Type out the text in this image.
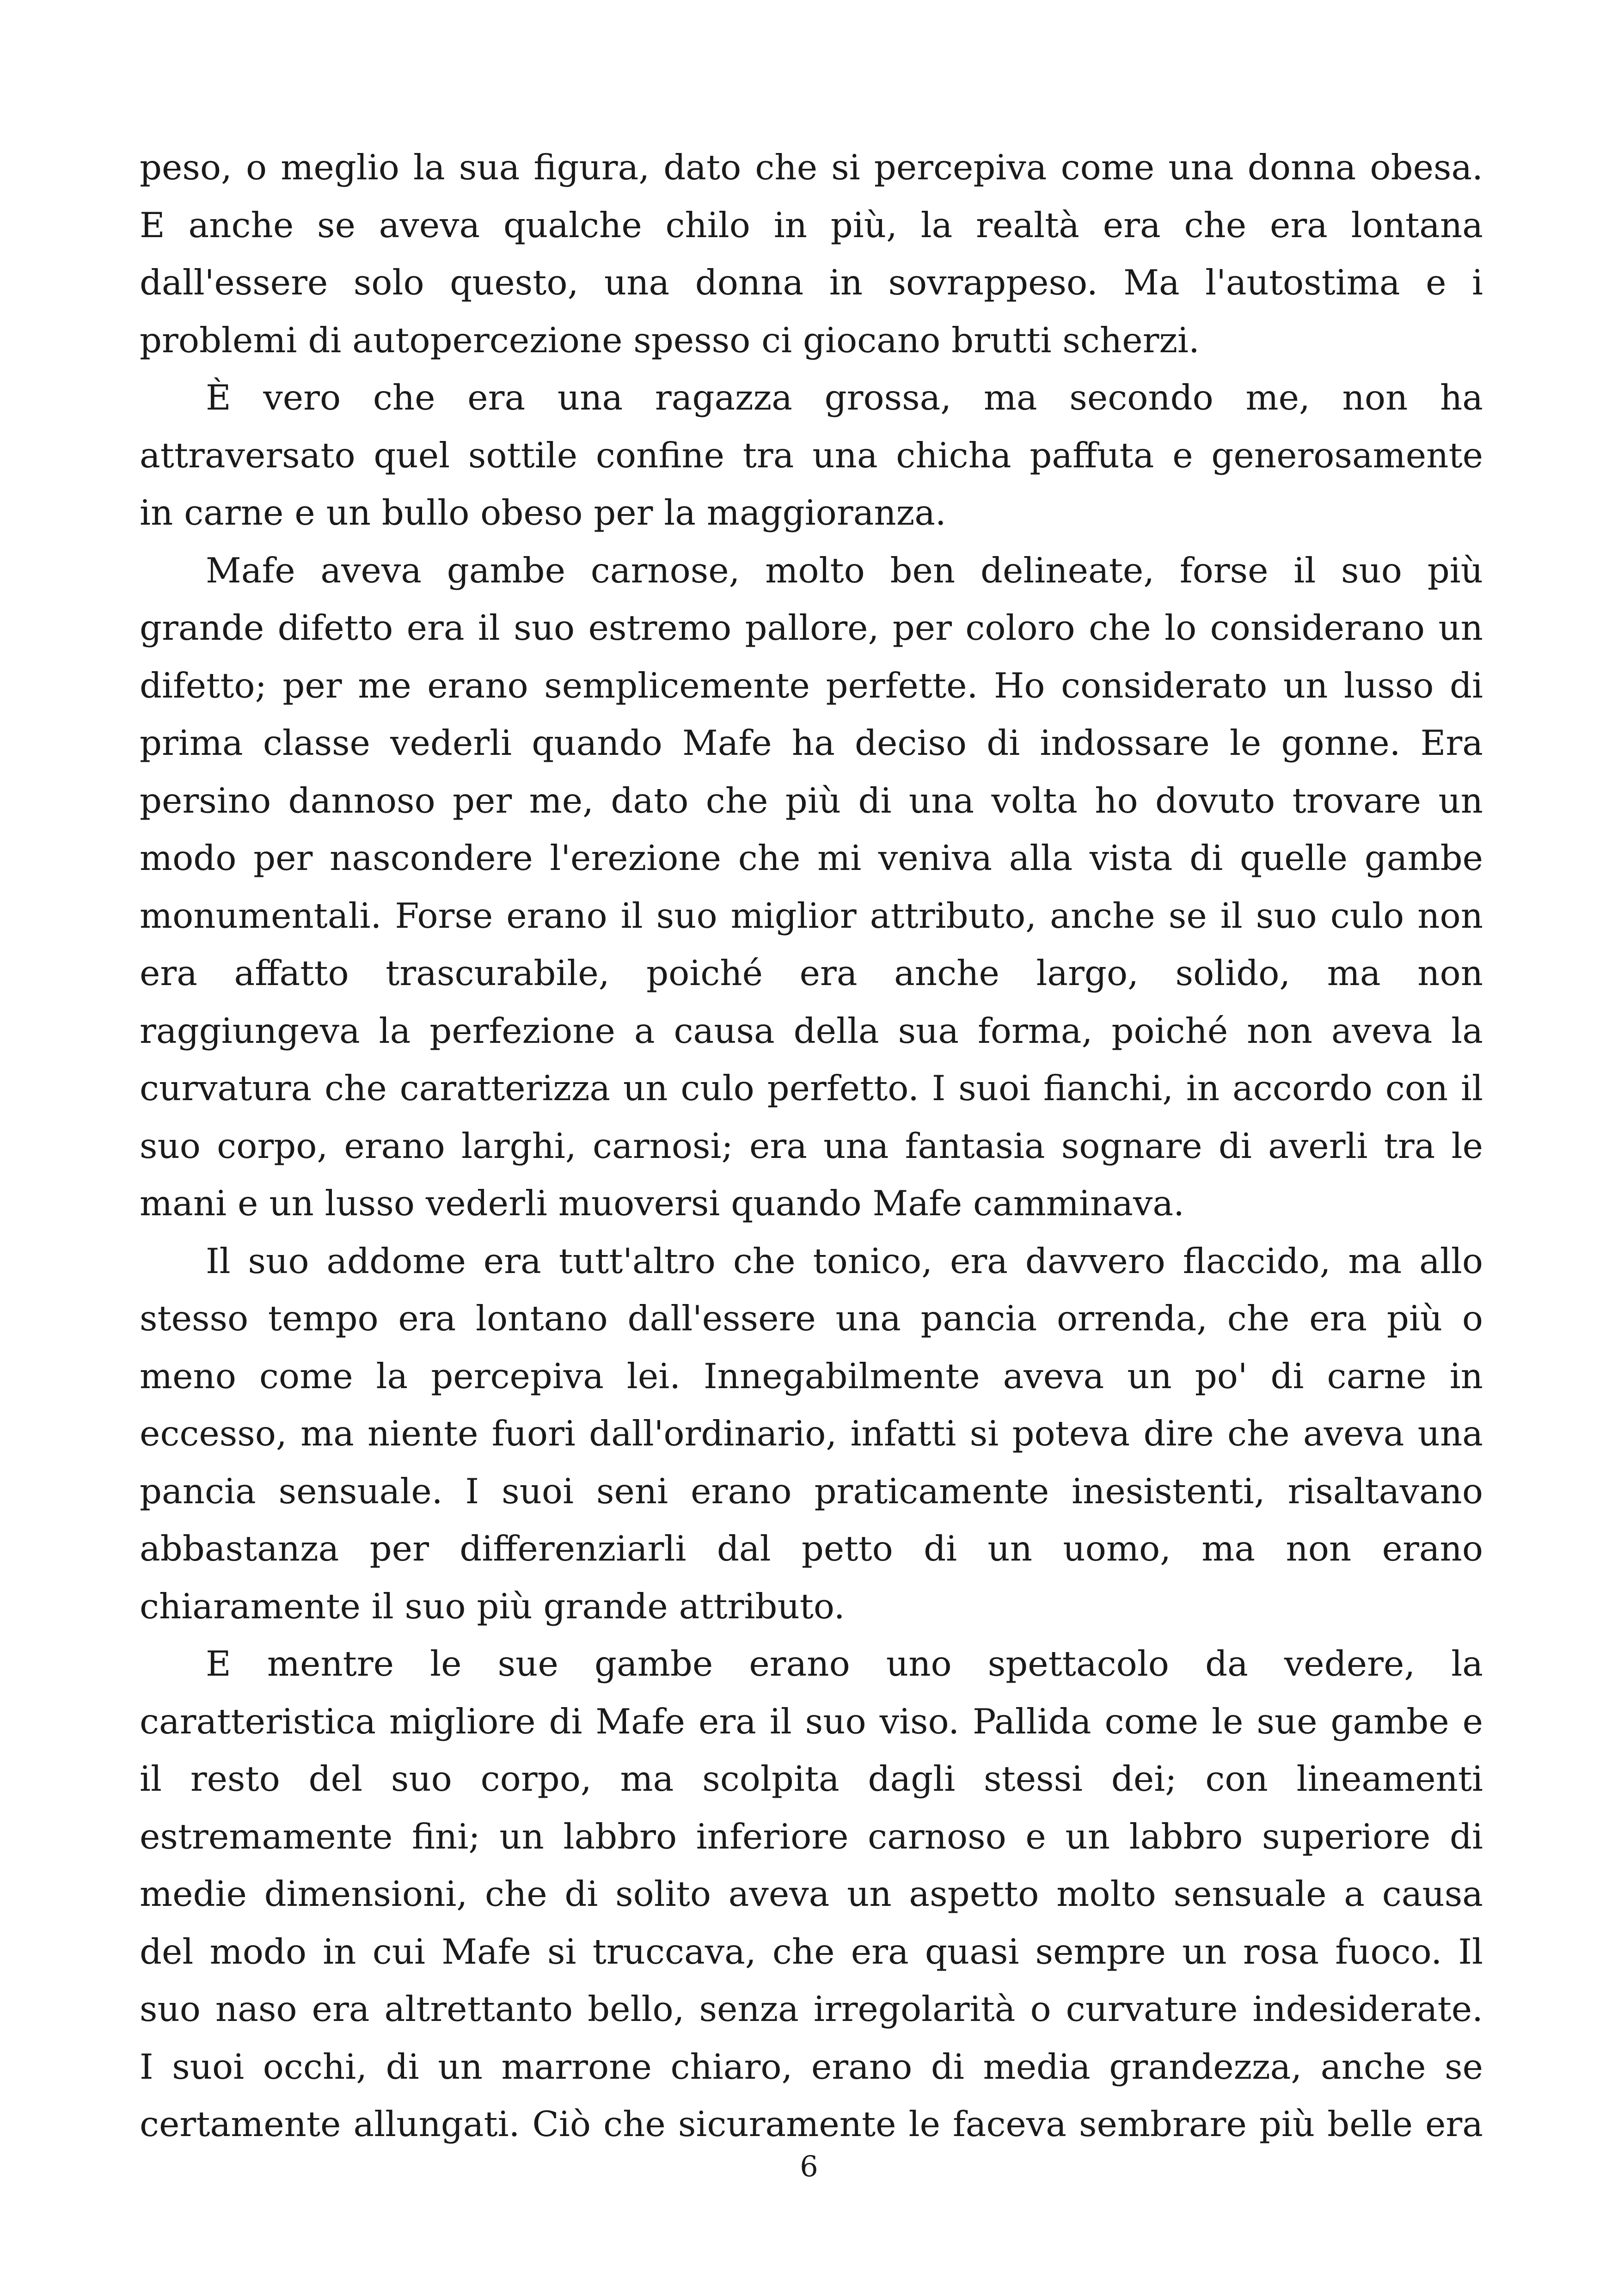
peso, o meglio la sua figura, dato che si percepiva come una donna obesa.
E anche se aveva qualche chilo in più, la realtà era che era lontana
dall'essere solo questo, una donna in sovrappeso. Ma l'autostima e i
problemi di autopercezione spesso ci giocano brutti scherzi.
È vero che era una ragazza grossa, ma secondo me, non ha
attraversato quel sottile confine tra una chicha paffuta e generosamente
in carne e un bullo obeso per la maggioranza.
Mafe aveva gambe carnose, molto ben delineate, forse il suo più
grande difetto era il suo estremo pallore, per coloro che lo considerano un
difetto; per me erano semplicemente perfette. Ho considerato un lusso di
prima classe vederli quando Mafe ha deciso di indossare le gonne. Era
persino dannoso per me, dato che più di una volta ho dovuto trovare un
modo per nascondere l'erezione che mi veniva alla vista di quelle gambe
monumentali. Forse erano il suo miglior attributo, anche se il suo culo non
era affatto trascurabile, poiché era anche largo, solido, ma non
raggiungeva la perfezione a causa della sua forma, poiché non aveva la
curvatura che caratterizza un culo perfetto. I suoi fianchi, in accordo con il
suo corpo, erano larghi, carnosi; era una fantasia sognare di averli tra le
mani e un lusso vederli muoversi quando Mafe camminava.
Il suo addome era tutt'altro che tonico, era davvero flaccido, ma allo
stesso tempo era lontano dall'essere una pancia orrenda, che era più o
meno come la percepiva lei. Innegabilmente aveva un po' di carne in
eccesso, ma niente fuori dall'ordinario, infatti si poteva dire che aveva una
pancia sensuale. I suoi seni erano praticamente inesistenti, risaltavano
abbastanza per differenziarli dal petto di un uomo, ma non erano
chiaramente il suo più grande attributo.
E mentre le sue gambe erano uno spettacolo da vedere, la
caratteristica migliore di Mafe era il suo viso. Pallida come le sue gambe e
il resto del suo corpo, ma scolpita dagli stessi dei; con lineamenti
estremamente fini; un labbro inferiore carnoso e un labbro superiore di
medie dimensioni, che di solito aveva un aspetto molto sensuale a causa
del modo in cui Mafe si truccava, che era quasi sempre un rosa fuoco. Il
suo naso era altrettanto bello, senza irregolarità o curvature indesiderate.
I suoi occhi, di un marrone chiaro, erano di media grandezza, anche se
certamente allungati. Ciò che sicuramente le faceva sembrare più belle era
6
